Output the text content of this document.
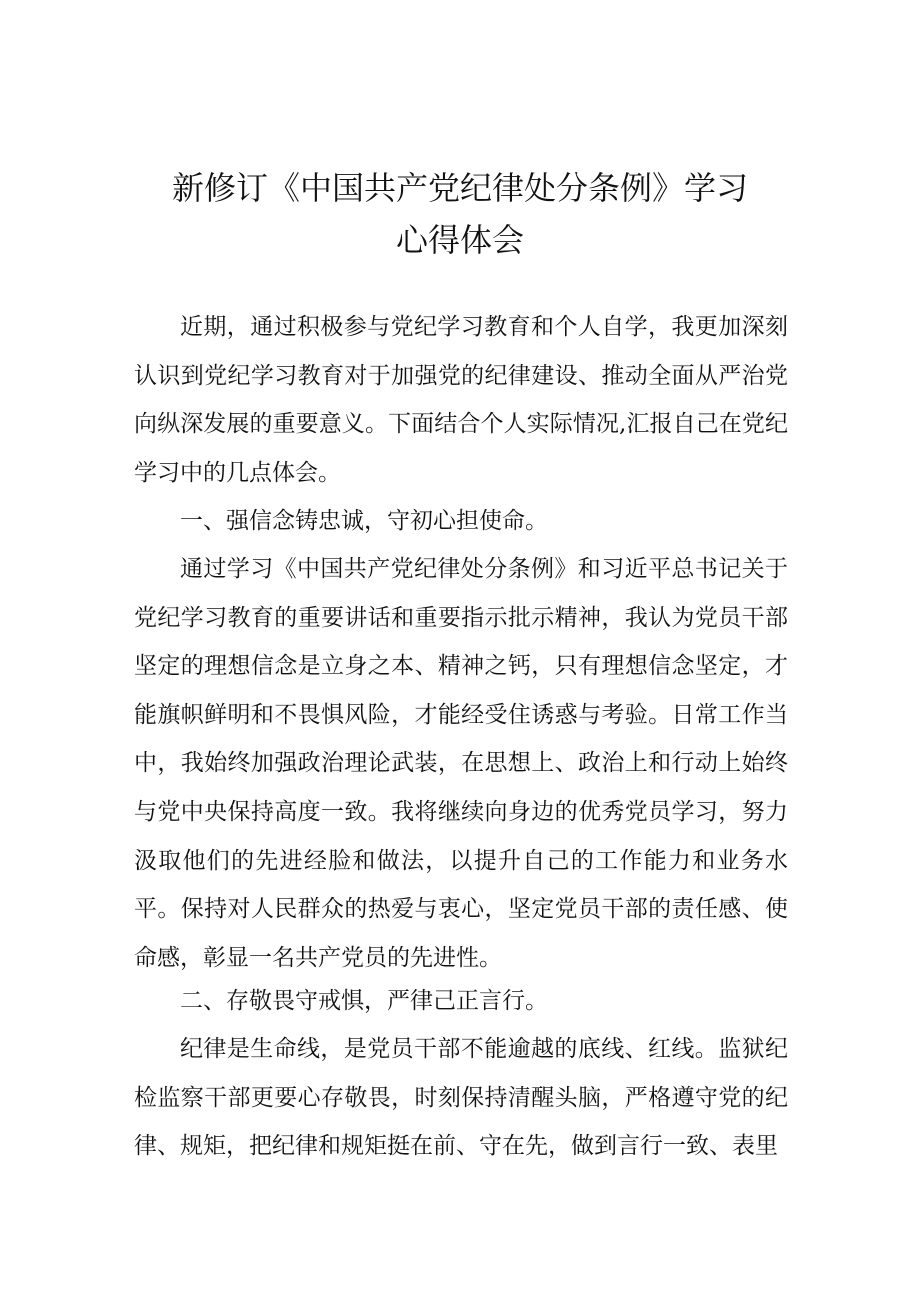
新修订《中国共产党纪律处分条例》学习
心得体会

近期，通过积极参与党纪学习教育和个人自学，我更加深刻认识到党纪学习教育对于加强党的纪律建设、推动全面从严治党向纵深发展的重要意义。下面结合个人实际情况,汇报自己在党纪学习中的几点体会。

一、强信念铸忠诚，守初心担使命。

通过学习《中国共产党纪律处分条例》和习近平总书记关于党纪学习教育的重要讲话和重要指示批示精神，我认为党员干部坚定的理想信念是立身之本、精神之钙，只有理想信念坚定，才能旗帜鲜明和不畏惧风险，才能经受住诱惑与考验。日常工作当中，我始终加强政治理论武装，在思想上、政治上和行动上始终与党中央保持高度一致。我将继续向身边的优秀党员学习，努力汲取他们的先进经脸和做法，以提升自己的工作能力和业务水平。保持对人民群众的热爱与衷心，坚定党员干部的责任感、使命感，彰显一名共产党员的先进性。

二、存敬畏守戒惧，严律己正言行。

纪律是生命线，是党员干部不能逾越的底线、红线。监狱纪检监察干部更要心存敬畏，时刻保持清醒头脑，严格遵守党的纪律、规矩，把纪律和规矩挺在前、守在先，做到言行一致、表里
